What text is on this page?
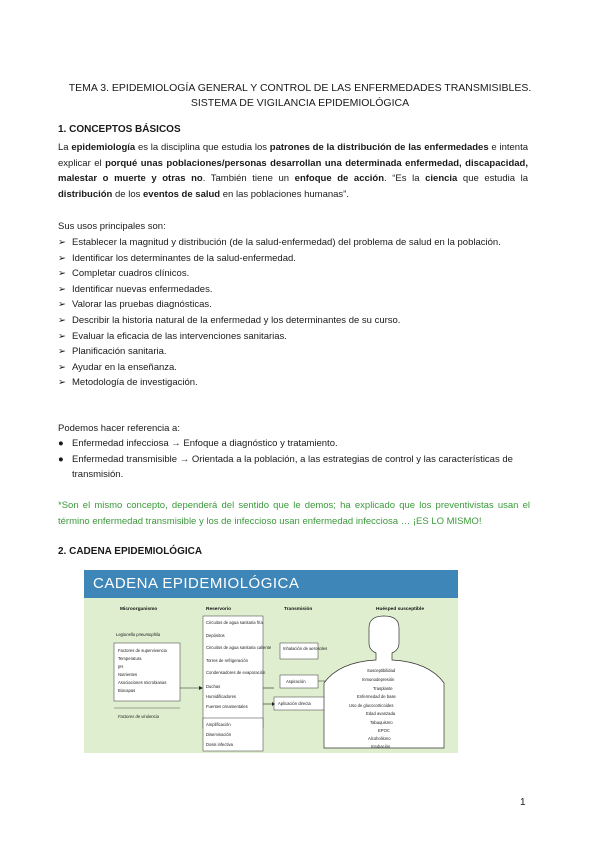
TEMA 3. EPIDEMIOLOGÍA GENERAL Y CONTROL DE LAS ENFERMEDADES TRANSMISIBLES.
SISTEMA DE VIGILANCIA EPIDEMIOLÓGICA
1. CONCEPTOS BÁSICOS
La epidemiología es la disciplina que estudia los patrones de la distribución de las enfermedades e intenta explicar el porqué unas poblaciones/personas desarrollan una determinada enfermedad, discapacidad, malestar o muerte y otras no. También tiene un enfoque de acción. “Es la ciencia que estudia la distribución de los eventos de salud en las poblaciones humanas”.
Sus usos principales son:
➢ Establecer la magnitud y distribución (de la salud-enfermedad) del problema de salud en la población.
➢ Identificar los determinantes de la salud-enfermedad.
➢ Completar cuadros clínicos.
➢ Identificar nuevas enfermedades.
➢ Valorar las pruebas diagnósticas.
➢ Describir la historia natural de la enfermedad y los determinantes de su curso.
➢ Evaluar la eficacia de las intervenciones sanitarias.
➢ Planificación sanitaria.
➢ Ayudar en la enseñanza.
➢ Metodología de investigación.
Podemos hacer referencia a:
● Enfermedad infecciosa → Enfoque a diagnóstico y tratamiento.
● Enfermedad transmisible → Orientada a la población, a las estrategias de control y las características de transmisión.
*Son el mismo concepto, dependerá del sentido que le demos; ha explicado que los preventivistas usan el término enfermedad transmisible y los de infeccioso usan enfermedad infecciosa … ¡ES LO MISMO!
2. CADENA EPIDEMIOLÓGICA
CADENA EPIDEMIOLÓGICA
Microorganismo	Reservorio	Transmisión	Huésped susceptible
Legionella pneumophila
Factores de supervivencia
Temperatura
pH
Nutrientes
Asociaciones microbianas
Biocapas
Factores de virulencia
Circuitos de agua sanitaria fría
Depósitos
Circuitos de agua sanitaria caliente
Torres de refrigeración
Condensadores de evaporación
Duchas
Humidificadores
Fuentes ornamentales
Amplificación
Diseminación
Dosis infectiva
Inhalación de aerosoles
Aspiración
Aplicación directa
Susceptibilidad
Inmunodepresión
Trasplante
Enfermedad de base
Uso de glucocorticoides
Edad avanzada
Tabaquismo
EPOC
Alcoholismo
Intubación
1
